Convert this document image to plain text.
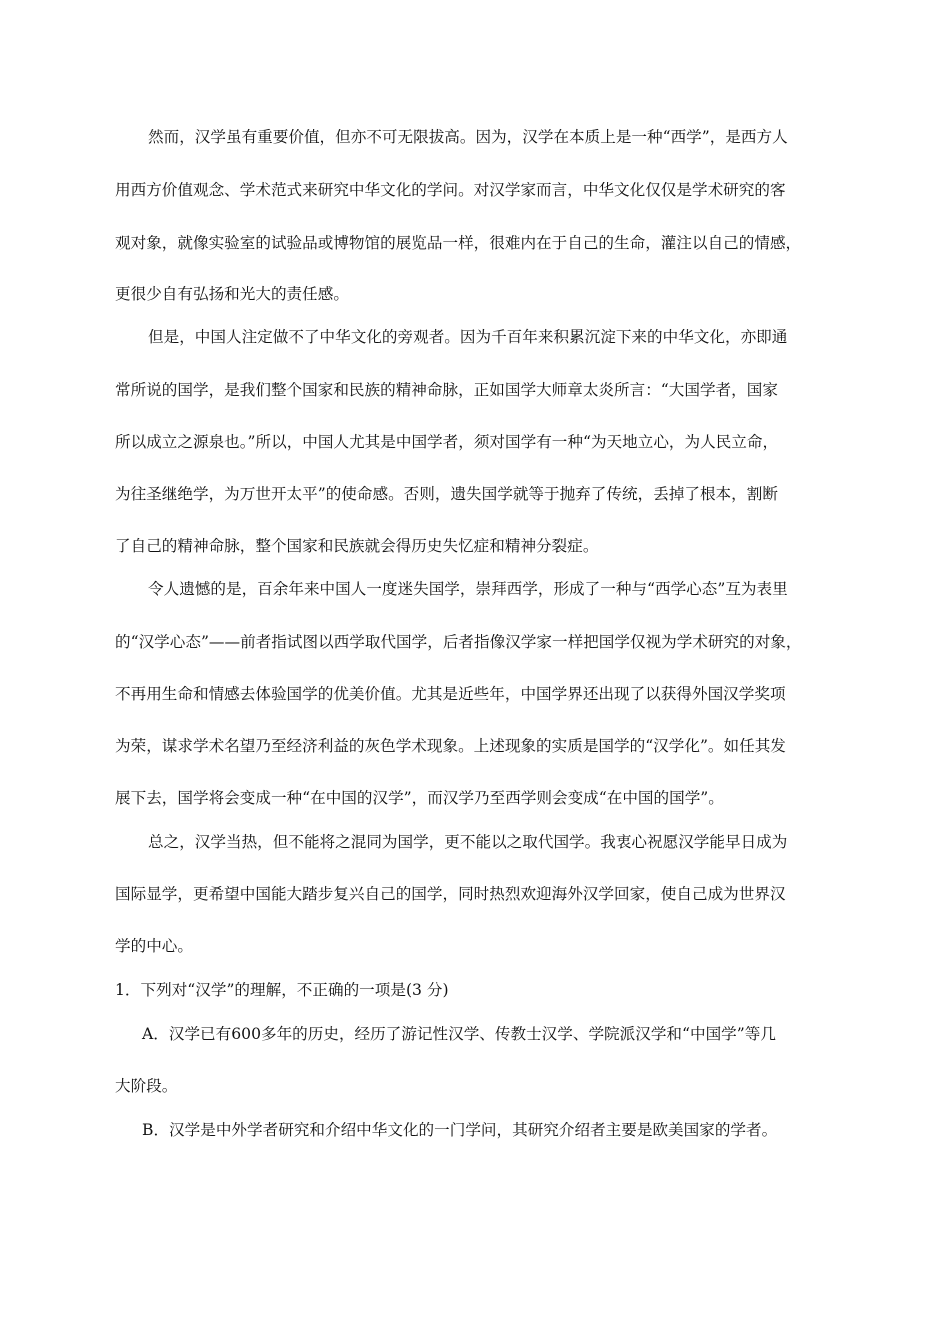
然而，汉学虽有重要价值，但亦不可无限拔高。因为，汉学在本质上是一种“西学”，是西方人
用西方价值观念、学术范式来研究中华文化的学问。对汉学家而言，中华文化仅仅是学术研究的客
观对象，就像实验室的试验品或博物馆的展览品一样，很难内在于自己的生命，灌注以自己的情感，
更很少自有弘扬和光大的责任感。
但是，中国人注定做不了中华文化的旁观者。因为千百年来积累沉淀下来的中华文化，亦即通
常所说的国学，是我们整个国家和民族的精神命脉，正如国学大师章太炎所言：“大国学者，国家
所以成立之源泉也。”所以，中国人尤其是中国学者，须对国学有一种“为天地立心，为人民立命，
为往圣继绝学，为万世开太平”的使命感。否则，遗失国学就等于抛弃了传统，丢掉了根本，割断
了自己的精神命脉，整个国家和民族就会得历史失忆症和精神分裂症。
令人遗憾的是，百余年来中国人一度迷失国学，崇拜西学，形成了一种与“西学心态”互为表里
的“汉学心态”——前者指试图以西学取代国学，后者指像汉学家一样把国学仅视为学术研究的对象，
不再用生命和情感去体验国学的优美价值。尤其是近些年，中国学界还出现了以获得外国汉学奖项
为荣，谋求学术名望乃至经济利益的灰色学术现象。上述现象的实质是国学的“汉学化”。如任其发
展下去，国学将会变成一种“在中国的汉学”，而汉学乃至西学则会变成“在中国的国学”。
总之，汉学当热，但不能将之混同为国学，更不能以之取代国学。我衷心祝愿汉学能早日成为
国际显学，更希望中国能大踏步复兴自己的国学，同时热烈欢迎海外汉学回家，使自己成为世界汉
学的中心。
1．下列对“汉学”的理解，不正确的一项是(3 分)
A．汉学已有600多年的历史，经历了游记性汉学、传教士汉学、学院派汉学和“中国学”等几
大阶段。
B．汉学是中外学者研究和介绍中华文化的一门学问，其研究介绍者主要是欧美国家的学者。
